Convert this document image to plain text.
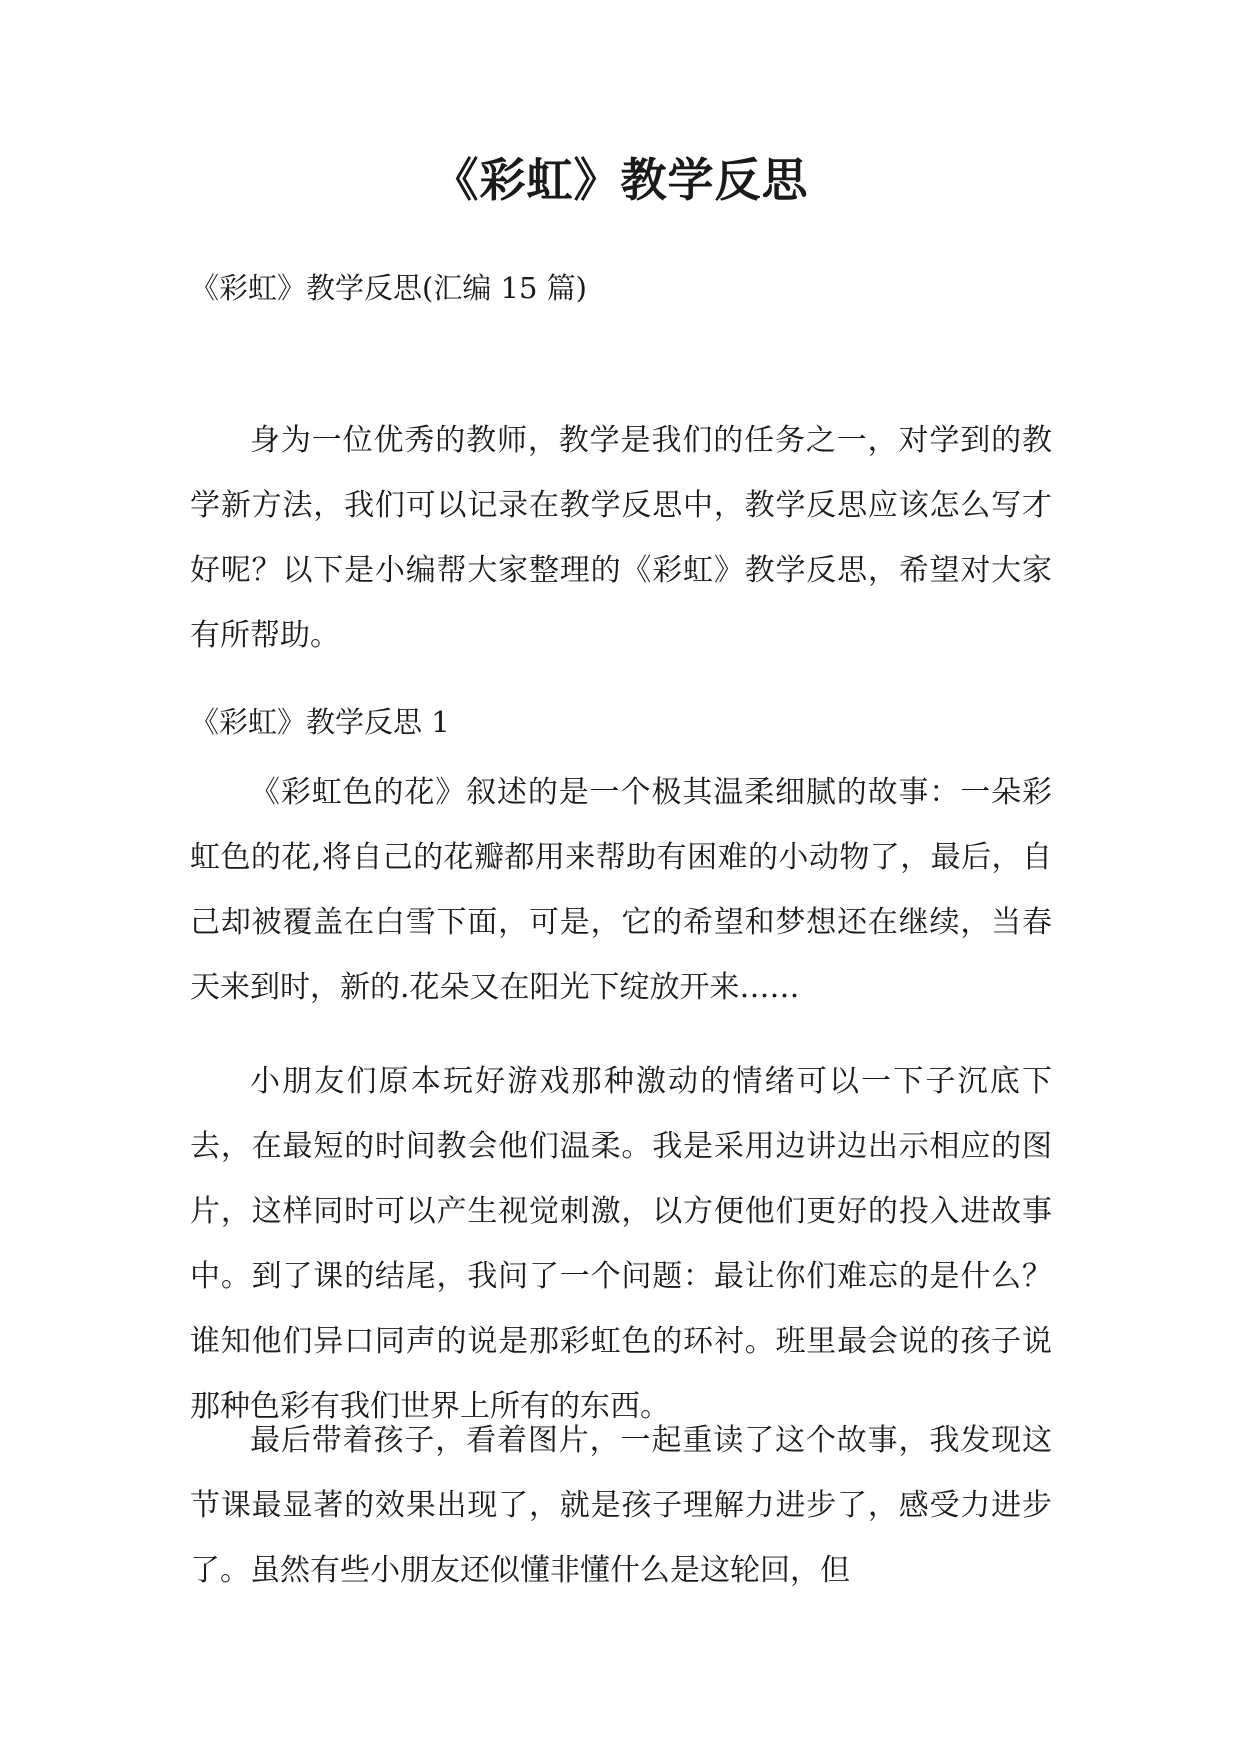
《彩虹》教学反思
《彩虹》教学反思(汇编 15 篇)

身为一位优秀的教师，教学是我们的任务之一，对学到的教学新方法，我们可以记录在教学反思中，教学反思应该怎么写才好呢？以下是小编帮大家整理的《彩虹》教学反思，希望对大家有所帮助。

《彩虹》教学反思 1

《彩虹色的花》叙述的是一个极其温柔细腻的故事：一朵彩虹色的花,将自己的花瓣都用来帮助有困难的小动物了，最后，自己却被覆盖在白雪下面，可是，它的希望和梦想还在继续，当春天来到时，新的.花朵又在阳光下绽放开来……

小朋友们原本玩好游戏那种激动的情绪可以一下子沉底下去，在最短的时间教会他们温柔。我是采用边讲边出示相应的图片，这样同时可以产生视觉刺激，以方便他们更好的投入进故事中。到了课的结尾，我问了一个问题：最让你们难忘的是什么？谁知他们异口同声的说是那彩虹色的环衬。班里最会说的孩子说那种色彩有我们世界上所有的东西。

最后带着孩子，看着图片，一起重读了这个故事，我发现这节课最显著的效果出现了，就是孩子理解力进步了，感受力进步了。虽然有些小朋友还似懂非懂什么是这轮回，但
